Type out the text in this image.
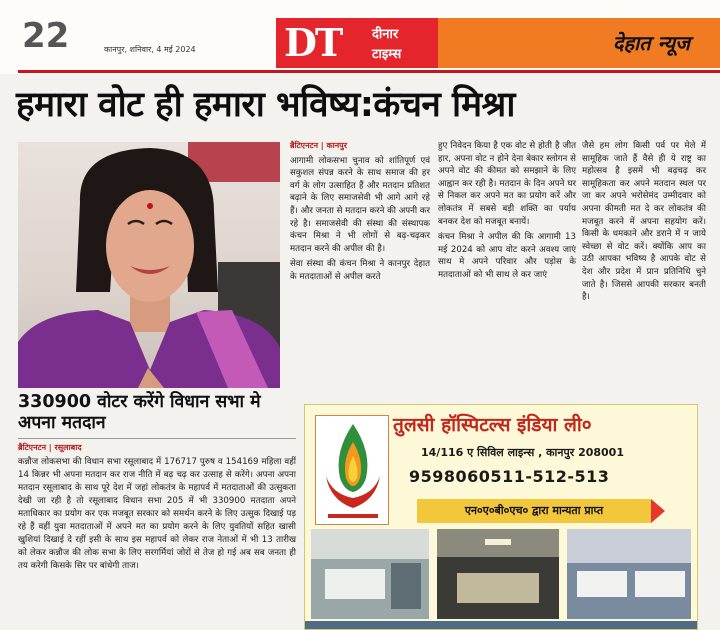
22	कानपुर, शनिवार, 4 मई 2024 DT दीनार
टाइम्स	देहात न्यूज
हमारा वोट ही हमारा भविष्य:कंचन मिश्रा
ब्रैटिएनटन | कानपुर

आगामी लोकसभा चुनाव को शांतिपूर्ण एवं सकुशल संपन्न करने के साथ समाज की हर वर्ग के लोग उत्साहित हैं और मतदान प्रतिशत बढ़ाने के लिए समाजसेवी भी आगे आगे रहे हैं। और जनता से मतदान करने की अपनी कर रहे है। समाजसेवी की संस्था की संस्थापक कंचन मिश्रा ने भी लोगों से बढ़-चढ़कर मतदान करने की अपील की है।

सेवा संस्था की कंचन मिश्रा ने कानपुर देहात के मतदाताओं से अपील करते

हुए निवेदन किया है एक वोट से होती है जीत हार, अपना वोट न होने देना बेकार स्लोगन से अपने वोट की कीमत को समझाने के लिए आह्वान कर रही है। मतदान के दिन अपने घर से निकल कर अपने मत का प्रयोग करें और लोकतंत्र में सबसे बड़ी शक्ति का पर्याय बनकर देश को मजबूत बनायें।

कंचन मिश्रा ने अपील की कि आगामी 13 मई 2024 को आप वोट करने अवश्य जाएं साथ मे अपने परिवार और पड़ोस के मतदाताओं को भी साथ ले कर जाएं

जैसे हम लोग किसी पर्व पर मेले में सामूहिक जाते हैं वैसे ही ये राष्ट्र का महोत्सव है इसमें भी बढ़चढ़ कर सामूहिकता कर अपने मतदान स्थल पर जा कर अपने भरोसेमंद उम्मीदवार को अपना कीमती मत दे कर लोकतंत्र की मजबूत करने में अपना सहयोग करें। किसी के धमकाने और डराने में न जाये स्वेच्छा से वोट करें। क्योंकि आप का उठी आपका भविष्य है आपके वोट से देश और प्रदेश में प्रान प्रतिनिधि चुने जाते है। जिससे आपकी सरकार बनती है।

330900 वोटर करेंगे विधान सभा मे अपना मतदान
ब्रैटिएनटन | रसूलाबाद

कन्नौज लोकसभा की विधान सभा रसूलाबाद में 176717 पुरुष व 154169 महिला वहीं 14 किन्नर भी अपना मतदान कर राज नीति में बढ़ चढ़ कर उत्साह से करेंगे। अपना अपना मतदान रसूलाबाद के साथ पूरे देश में जहां लोकतंत्र के महापर्व में मतदाताओं की उत्सुकता देखी जा रही है तो रसूलाबाद विधान सभा 205 में भी 330900 मतदाता अपने मताधिकार का प्रयोग कर एक मजबूत सरकार को समर्थन करने के लिए उत्सुक दिखाई पड़ रहे हैं वहीं युवा मतदाताओं में अपने मत का प्रयोग करने के लिए युवतियों सहित खासी खुशियां दिखाई दे रहीं इसी के साथ इस महापर्व को लेकर राज नेताओं में भी 13 तारीख को लेकर कन्नौज की लोक सभा के लिए सरगर्मियां जोरों से तेज हो गई अब सब जनता ही तय करेगी किसके सिर पर बांधेगी ताज।

तुलसी हॉस्पिटल्स इंडिया ली०
14/116 ए सिविल लाइन्स , कानपुर 208001
9598060511-512-513
एन०ए०बी०एच० द्वारा मान्यता प्राप्त
